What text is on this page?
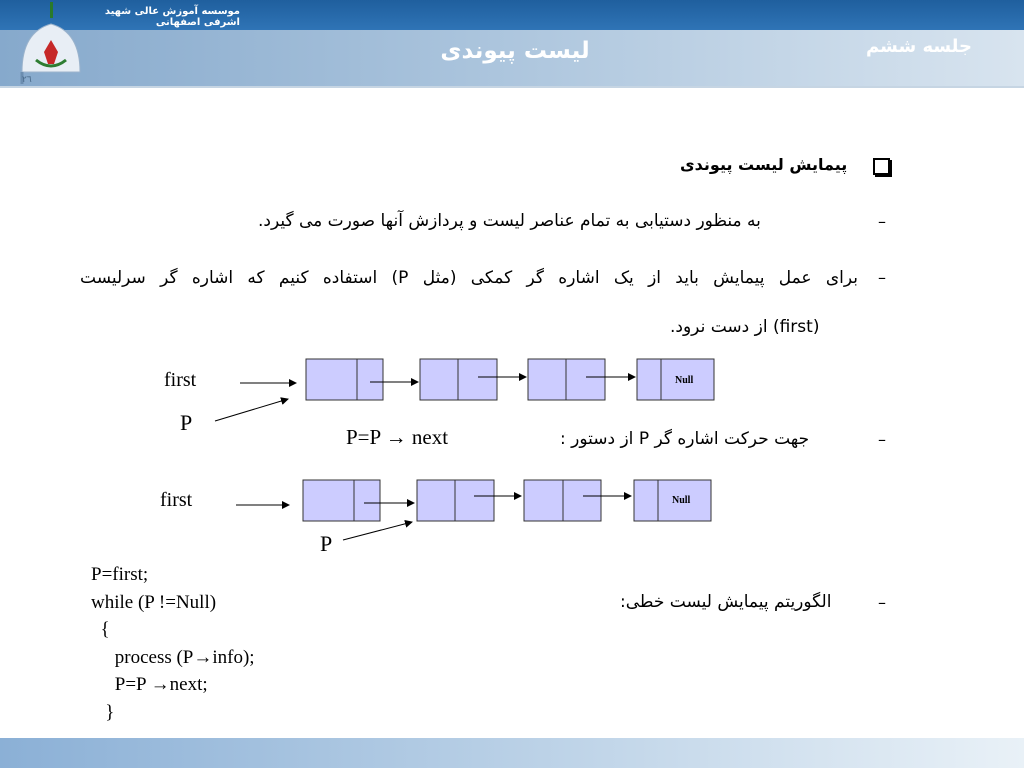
٢٦
موسسه آموزش عالی شهید اشرفی اصفهانی
جلسه ششم
لیست پیوندی
پیمایش لیست پیوندی
–
به منظور دستیابی به تمام عناصر لیست و پردازش آنها صورت می گیرد.
–
برای عمل پیمایش باید از یک اشاره گر کمکی (مثل P) استفاده کنیم که اشاره گر سرلیست
(first) از دست نرود.
–
جهت حرکت اشاره گر P از دستور :
P=P → next
–
الگوریتم پیمایش لیست خطی:
first
P
Null
first
P
Null
P=first;
while (P !=Null)
{
process (P→info);
P=P →next;
}
